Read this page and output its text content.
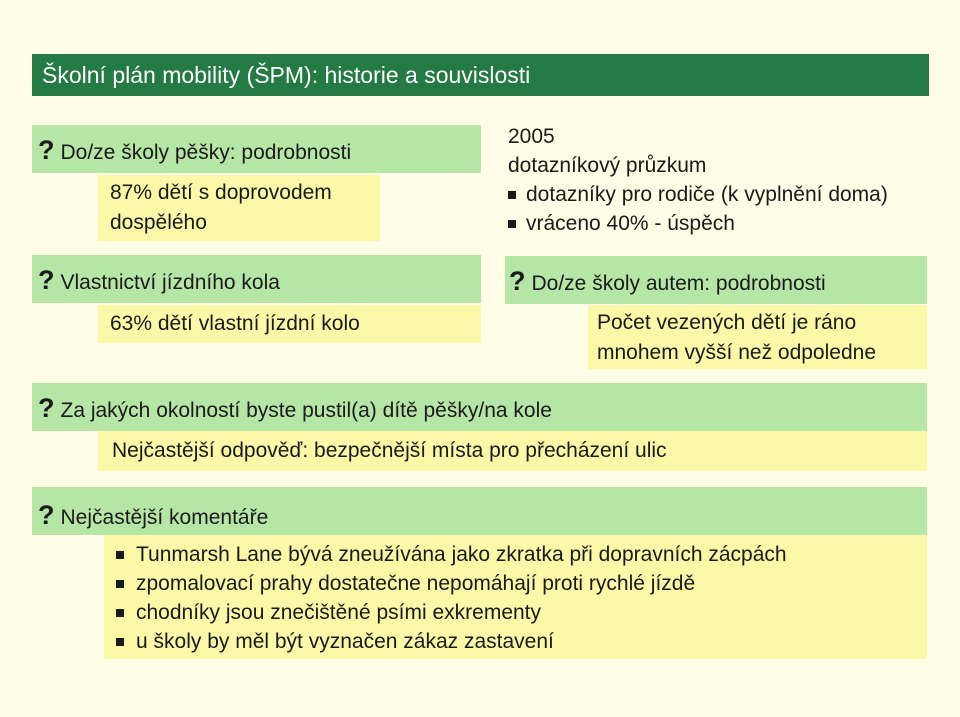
Školní plán mobility (ŠPM): historie a souvislosti
? Do/ze školy pěšky: podrobnosti
87% dětí s doprovodem
dospělého
? Vlastnictví jízdního kola
63% dětí vlastní jízdní kolo
2005
dotazníkový průzkum
dotazníky pro rodiče (k vyplnění doma)
vráceno 40% - úspěch
? Do/ze školy autem: podrobnosti
Počet vezených dětí je ráno
mnohem vyšší než odpoledne
? Za jakých okolností byste pustil(a) dítě pěšky/na kole
Nejčastější odpověď: bezpečnější místa pro přecházení ulic
? Nejčastější komentáře
Tunmarsh Lane bývá zneužívána jako zkratka při dopravních zácpách
zpomalovací prahy dostatečne nepomáhají proti rychlé jízdě
chodníky jsou znečištěné psími exkrementy
u školy by měl být vyznačen zákaz zastavení
